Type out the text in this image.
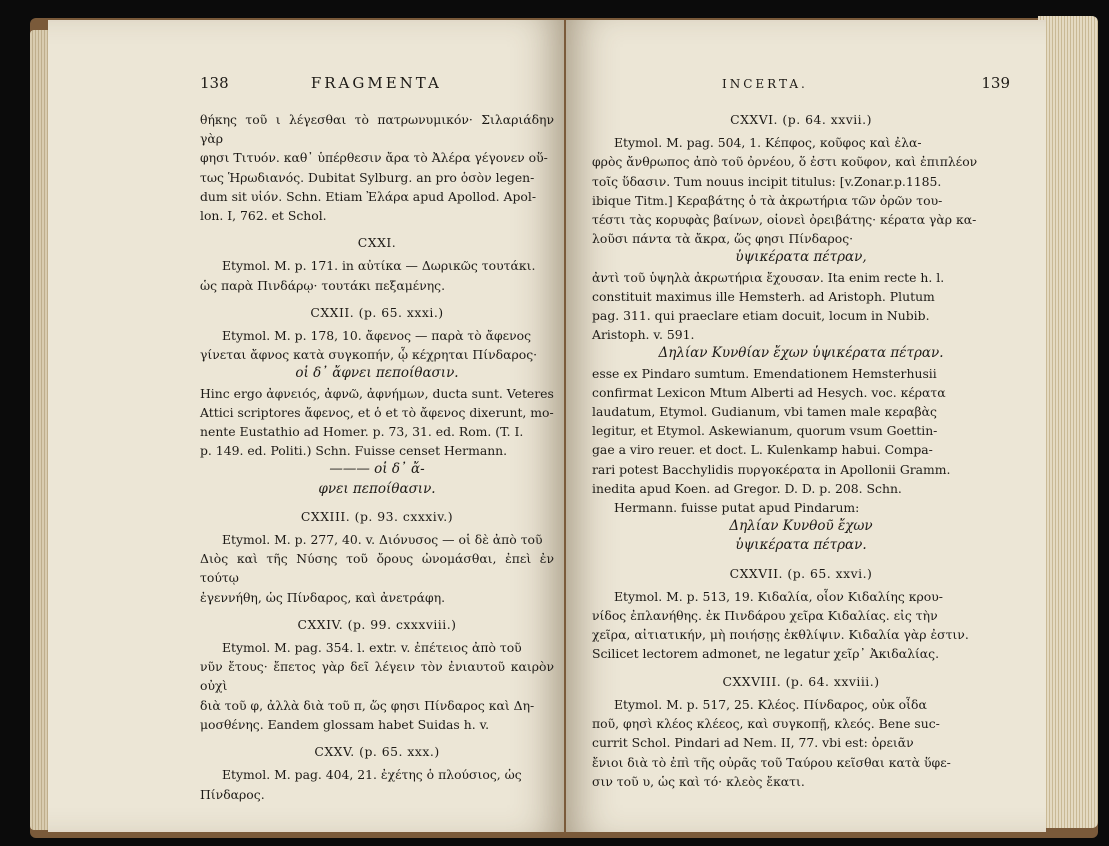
138	FRAGMENTA

θήκης τοῦ ι λέγεσθαι τὸ πατρωνυμικόν· Σιλαριάδην γὰρ

φησι Τιτυόν. καθ᾽ ὑπέρθεσιν ἄρα τὸ Ἀλέρα γέγονεν οὕ-

τως Ἡρωδιανός. Dubitat Sylburg. an pro ὁσὸν legen-

dum sit υἱόν. Schn. Etiam Ἐλάρα apud Apollod. Apol-

lon. I, 762. et Schol.

CXXI.

Etymol. M. p. 171. in αὐτίκα — Δωρικῶς τουτάκι.

ὡς παρὰ Πινδάρῳ· τουτάκι πεξαμένης.

CXXII. (p. 65. xxxi.)

Etymol. M. p. 178, 10. ἄφενος — παρὰ τὸ ἄφενος

γίνεται ἄφνος κατὰ συγκοπήν, ᾧ κέχρηται Πίνδαρος·

οἱ δ᾽ ἄφνει πεποίθασιν.

Hinc ergo ἀφνειός, ἀφνῶ, ἀφνήμων, ducta sunt. Veteres

Attici scriptores ἄφενος, et ὁ et τὸ ἄφενος dixerunt, mo-

nente Eustathio ad Homer. p. 73, 31. ed. Rom. (T. I.

p. 149. ed. Politi.) Schn. Fuisse censet Hermann.

——— οἱ δ᾽ ἄ-
φνει πεποίθασιν.
CXXIII. (p. 93. cxxxiv.)

Etymol. M. p. 277, 40. v. Διόνυσος — οἱ δὲ ἀπὸ τοῦ

Διὸς καὶ τῆς Νύσης τοῦ ὄρους ὠνομάσθαι, ἐπεὶ ἐν τούτῳ

ἐγεννήθη, ὡς Πίνδαρος, καὶ ἀνετράφη.

CXXIV. (p. 99. cxxxviii.)

Etymol. M. pag. 354. l. extr. v. ἐπέτειος ἀπὸ τοῦ

νῦν ἔτους· ἔπετος γὰρ δεῖ λέγειν τὸν ἐνιαυτοῦ καιρὸν οὐχὶ

διὰ τοῦ φ, ἀλλὰ διὰ τοῦ π, ὥς φησι Πίνδαρος καὶ Δη-

μοσθένης. Eandem glossam habet Suidas h. v.

CXXV. (p. 65. xxx.)

Etymol. M. pag. 404, 21. ἐχέτης ὁ πλούσιος, ὡς

Πίνδαρος.

INCERTA.	139
CXXVI. (p. 64. xxvii.)

Etymol. M. pag. 504, 1. Κέπφος, κοῦφος καὶ ἐλα-

φρὸς ἄνθρωπος ἀπὸ τοῦ ὀρνέου, ὅ ἐστι κοῦφον, καὶ ἐπιπλέον

τοῖς ὕδασιν. Tum nouus incipit titulus: [v.Zonar.p.1185.

ibique Titm.] Κεραβάτης ὁ τὰ ἀκρωτήρια τῶν ὀρῶν του-

τέστι τὰς κορυφὰς βαίνων, οἱονεὶ ὀρειβάτης· κέρατα γὰρ κα-

λοῦσι πάντα τὰ ἄκρα, ὥς φησι Πίνδαρος·

ὑψικέρατα πέτραν,

ἀντὶ τοῦ ὑψηλὰ ἀκρωτήρια ἔχουσαν. Ita enim recte h. l.

constituit maximus ille Hemsterh. ad Aristoph. Plutum

pag. 311. qui praeclare etiam docuit, locum in Nubib.

Aristoph. v. 591.

Δηλίαν Κυνθίαν ἔχων ὑψικέρατα πέτραν.

esse ex Pindaro sumtum. Emendationem Hemsterhusii

confirmat Lexicon Mtum Alberti ad Hesych. voc. κέρατα

laudatum, Etymol. Gudianum, vbi tamen male κεραβὰς

legitur, et Etymol. Askewianum, quorum vsum Goettin-

gae a viro reuer. et doct. L. Kulenkamp habui. Compa-

rari potest Bacchylidis πυργοκέρατα in Apollonii Gramm.

inedita apud Koen. ad Gregor. D. D. p. 208. Schn.

Hermann. fuisse putat apud Pindarum:

Δηλίαν Κυνθοῦ ἔχων
ὑψικέρατα πέτραν.
CXXVII. (p. 65. xxvi.)

Etymol. M. p. 513, 19. Κιδαλία, οἷον Κιδαλίης κρου-

νίδος ἐπλανήθης. ἐκ Πινδάρου χεῖρα Κιδαλίας. εἰς τὴν

χεῖρα, αἰτιατικήν, μὴ ποιήσῃς ἐκθλίψιν. Κιδαλία γὰρ ἐστιν.

Scilicet lectorem admonet, ne legatur χεῖρ᾽ Ἀκιδαλίας.

CXXVIII. (p. 64. xxviii.)

Etymol. M. p. 517, 25. Κλέος. Πίνδαρος, οὐκ οἶδα

ποῦ, φησὶ κλέος κλέεος, καὶ συγκοπῇ, κλεός. Bene suc-

currit Schol. Pindari ad Nem. II, 77. vbi est: ὀρειᾶν

ἔνιοι διὰ τὸ ἐπὶ τῆς οὐρᾶς τοῦ Ταύρου κεῖσθαι κατὰ ὕφε-

σιν τοῦ υ, ὡς καὶ τό· κλεὸς ἔκατι.
